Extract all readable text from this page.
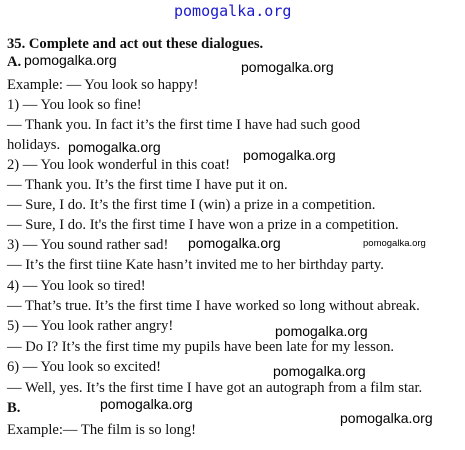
pomogalka.org
35. Complete and act out these dialogues.
A. pomogalka.org	pomogalka.org
Example: — You look so happy!
1) — You look so fine!
— Thank you. In fact it’s the first time I have had such good
holidays. pomogalka.org
2) — You look wonderful in this coat!
pomogalka.org
— Thank you. It’s the first time I have put it on.
— Sure, I do. It’s the first time I (win) a prize in a competition.
— Sure, I do. It's the first time I have won a prize in a competition.
3) — You sound rather sad! pomogalka.org	pomogalka.org
— It’s the first tiine Kate hasn’t invited me to her birthday party.
4) — You look so tired!
— That’s true. It’s the first time I have worked so long without abreak.
5) — You look rather angry!	pomogalka.org
— Do I? It’s the first time my pupils have been late for my lesson.
6) — You look so excited!	pomogalka.org
— Well, yes. It’s the first time I have got an autograph from a film star.
B.	pomogalka.org
pomogalka.org
Example:— The film is so long!
